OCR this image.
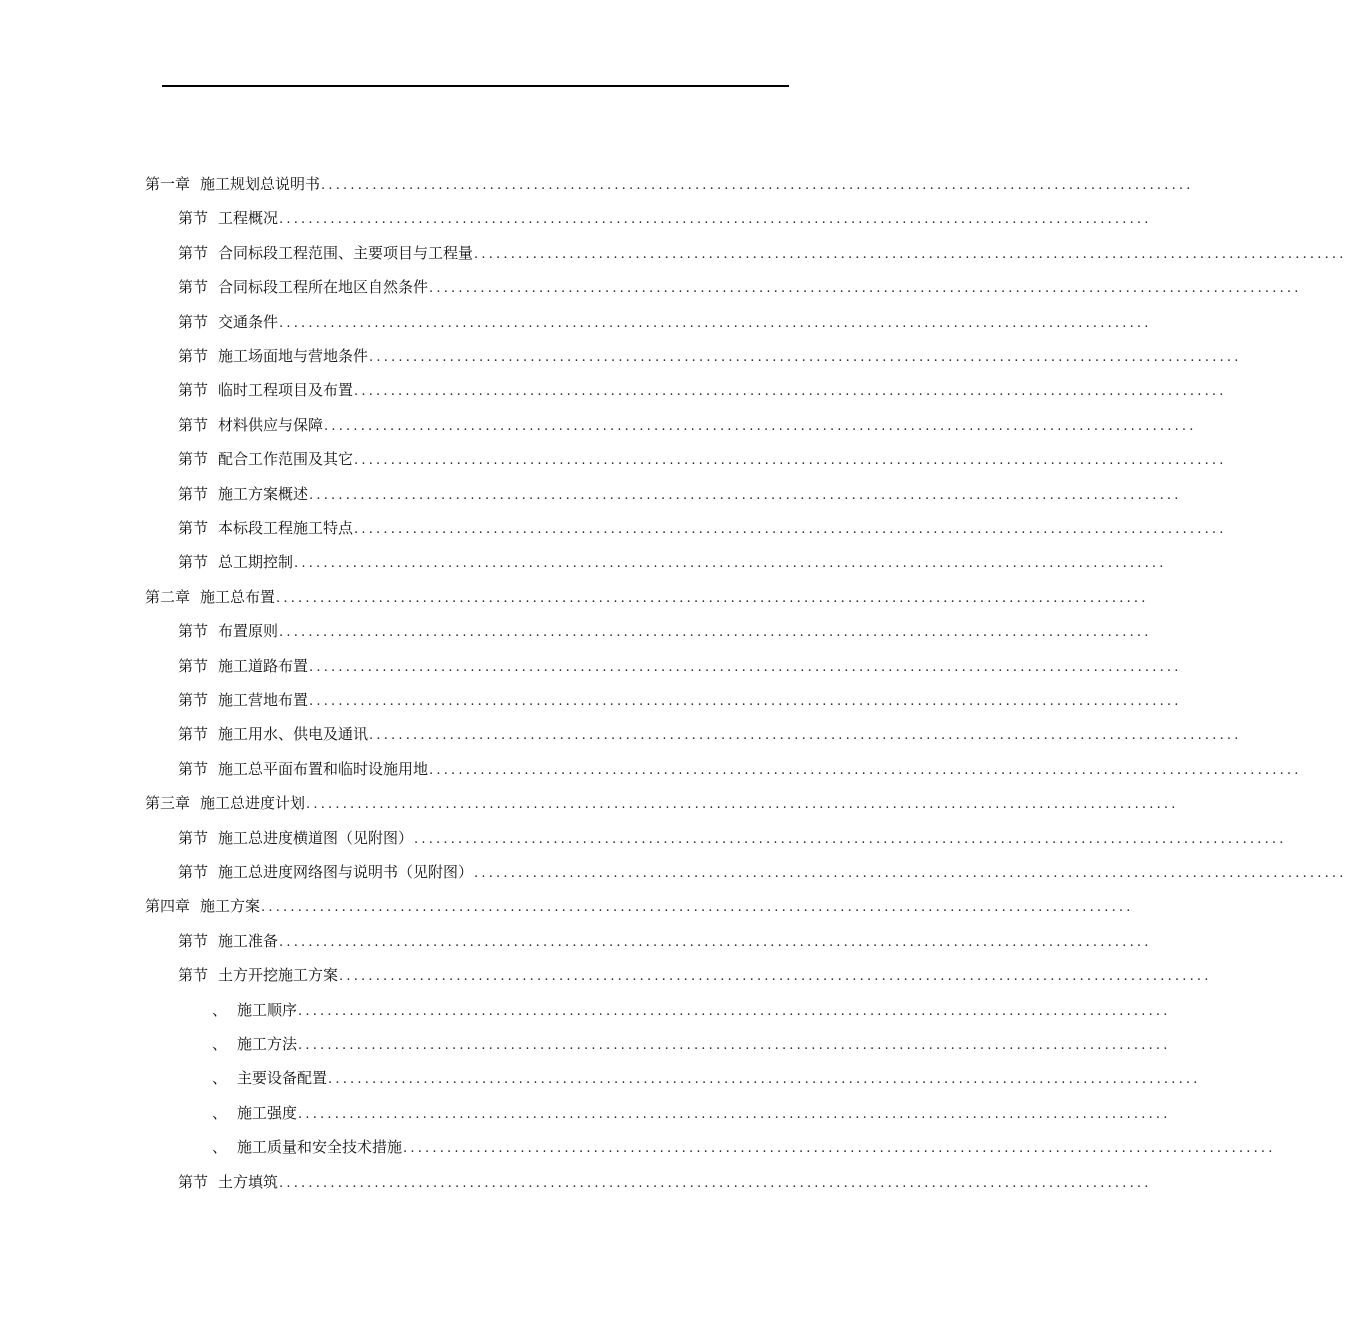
第一章 施工规划总说明书 .......................................................................................................................
第节 工程概况 .......................................................................................................................
第节 合同标段工程范围、主要项目与工程量 .......................................................................................................................
第节 合同标段工程所在地区自然条件 .......................................................................................................................
第节 交通条件 .......................................................................................................................
第节 施工场面地与营地条件 .......................................................................................................................
第节 临时工程项目及布置 .......................................................................................................................
第节 材料供应与保障 .......................................................................................................................
第节 配合工作范围及其它 .......................................................................................................................
第节 施工方案概述 .......................................................................................................................
第节 本标段工程施工特点 .......................................................................................................................
第节 总工期控制 .......................................................................................................................
第二章 施工总布置 .......................................................................................................................
第节 布置原则 .......................................................................................................................
第节 施工道路布置 .......................................................................................................................
第节 施工营地布置 .......................................................................................................................
第节 施工用水、供电及通讯 .......................................................................................................................
第节 施工总平面布置和临时设施用地 .......................................................................................................................
第三章 施工总进度计划 .......................................................................................................................
第节 施工总进度横道图（见附图） .......................................................................................................................
第节 施工总进度网络图与说明书（见附图） .......................................................................................................................
第四章 施工方案 .......................................................................................................................
第节 施工准备 .......................................................................................................................
第节 土方开挖施工方案 .......................................................................................................................
、 施工顺序 .......................................................................................................................
、 施工方法 .......................................................................................................................
、 主要设备配置 .......................................................................................................................
、 施工强度 .......................................................................................................................
、 施工质量和安全技术措施 .......................................................................................................................
第节 土方填筑 .......................................................................................................................
